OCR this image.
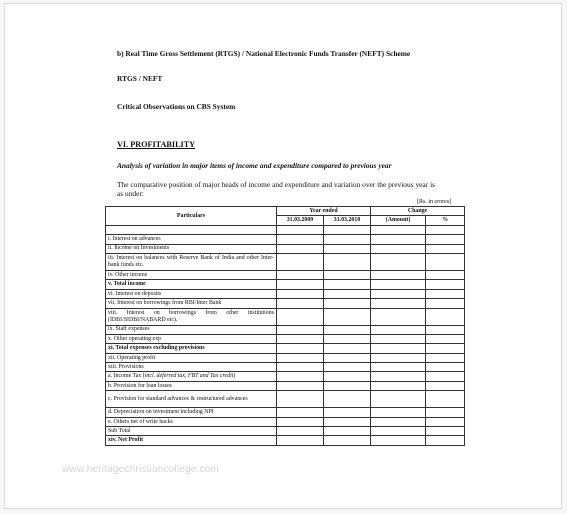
b) Real Time Gross Settlement (RTGS) / National Electronic Funds Transfer (NEFT) Scheme
RTGS / NEFT
Critical Observations on CBS System
VI. PROFITABILITY
Analysis of variation in major items of income and expenditure compared to previous year
The comparative position of major heads of income and expenditure and variation over the previous year is as under:
[Rs. in crores]
Particulars	Year ended		Change	
	31.03.2009	31.03.2010	(Amount)	%

i. Interest on advances				
ii. Income on Investments				
iii. Interest on balances with Reserve Bank of India and other Inter-bank funds etc.				
iv. Other income				
v. Total income				
vi. Interest on deposits				
vii. Interest on borrowings from RBI/Inter Bank				
viii. Interest on borrowings from other institutions (IDBI/SIDBI/NABARD etc).				
ix. Staff expenses				
x. Other operating exp				
xi. Total expenses excluding provisions				
xii. Operating profit				
xiii. Provisions				
a. Income Tax (incl. deferred tax, FBT and Tax credit)				
b. Provision for loan losses				
c. Provision for standard advances & restructured advances				
d. Depreciation on investment including NPI				
e. Others net of write backs				
Sub Total				
xiv. Net Profit				
www.heritagechristiancollege.com
